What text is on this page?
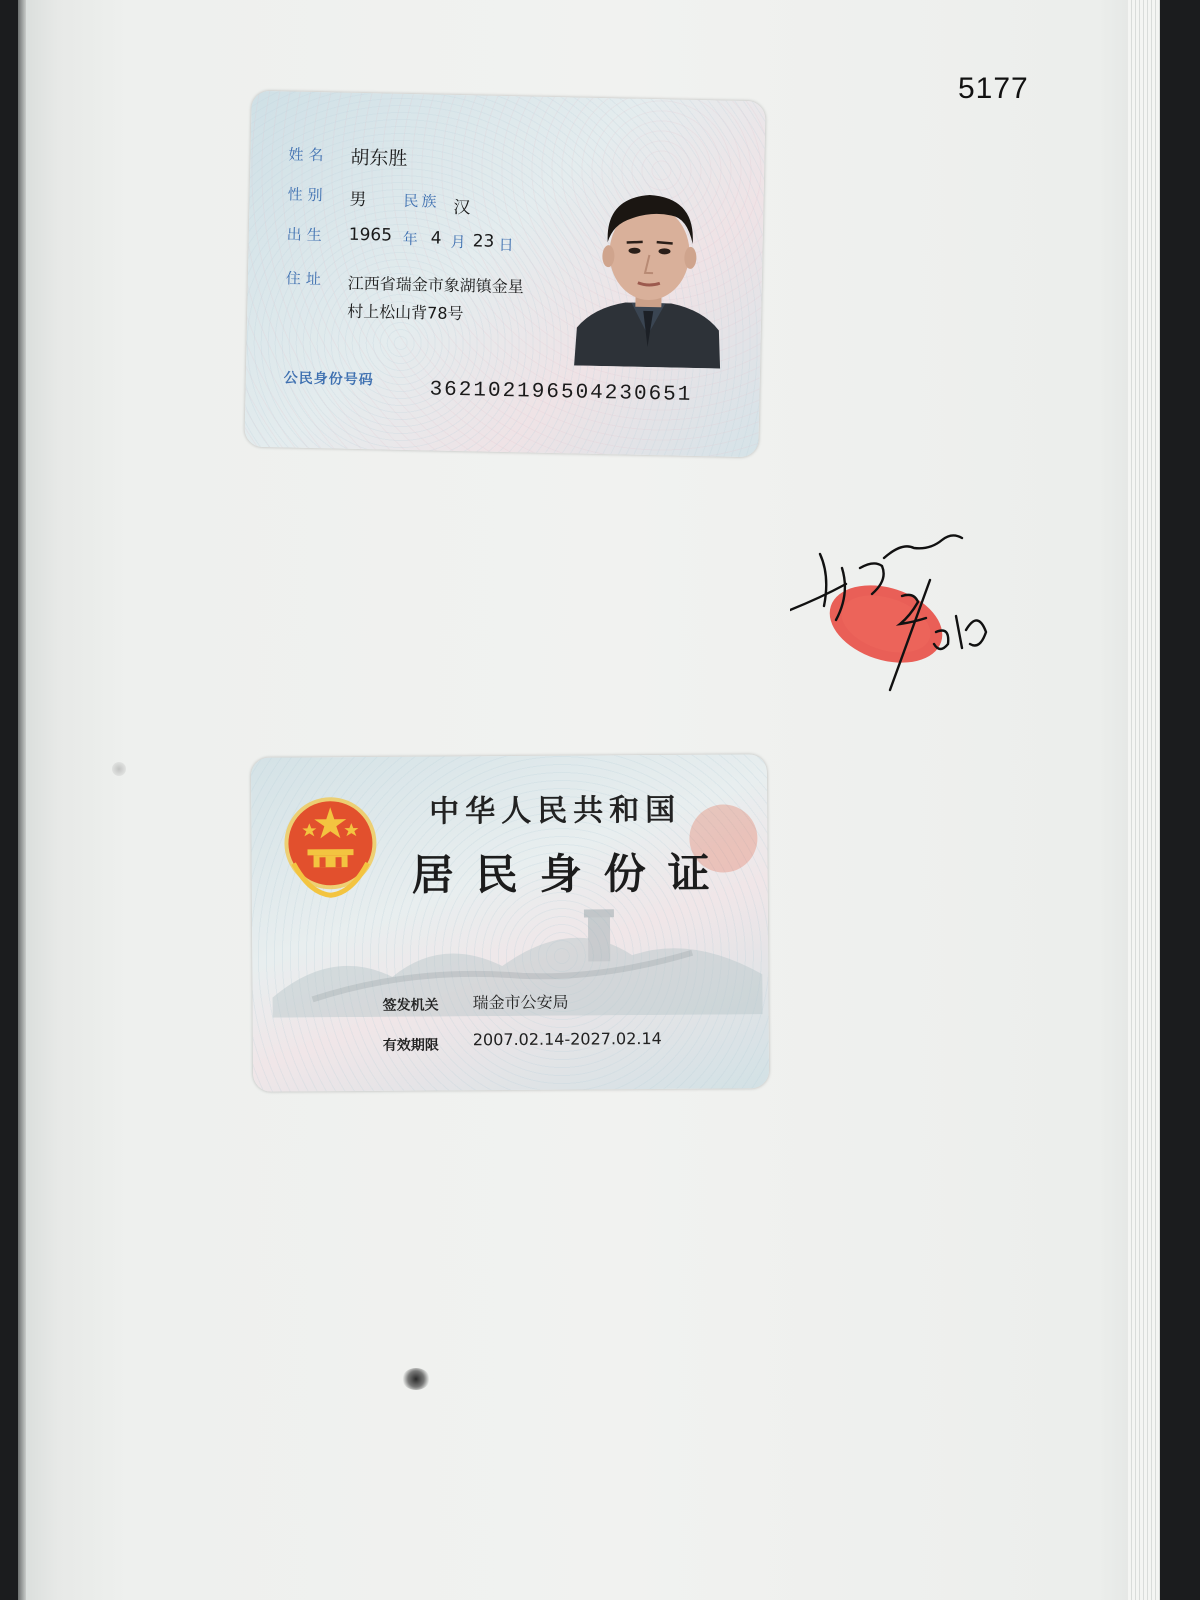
5177
姓名 胡东胜
性别 男 民族 汉
出生 1965 年 4 月 23 日
住址 江西省瑞金市象湖镇金星
村上松山背78号
公民身份号码	362102196504230651
中华人民共和国
居民身份证
签发机关 瑞金市公安局
有效期限 2007.02.14-2027.02.14
